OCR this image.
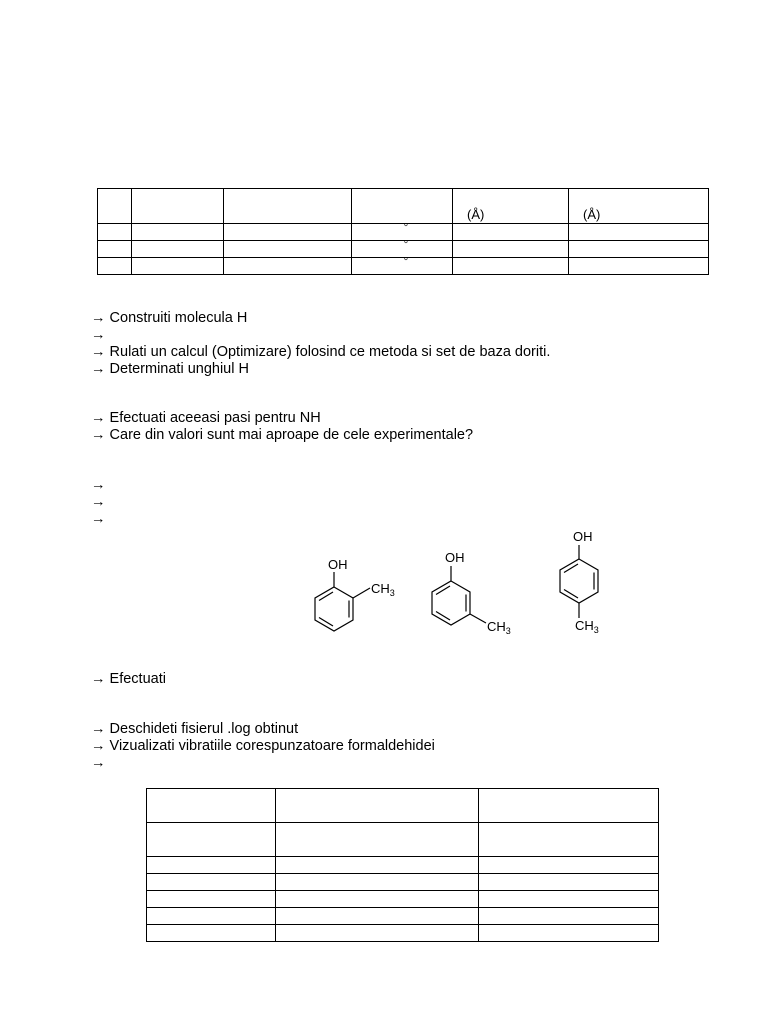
				(Å)	(Å)
			°		
			°		
			°		
→ Construiti molecula H
→
→ Rulati un calcul (Optimizare) folosind ce metoda si set de baza doriti.
→ Determinati unghiul H
→ Efectuati aceeasi pasi pentru NH
→ Care din valori sunt mai aproape de cele experimentale?
→
→
→
OH
$CH_3$
OH
$CH_3$
OH
$CH_3$
→ Efectuati
→ Deschideti fisierul .log obtinut
→ Vizualizati vibratiile corespunzatoare formaldehidei
→
